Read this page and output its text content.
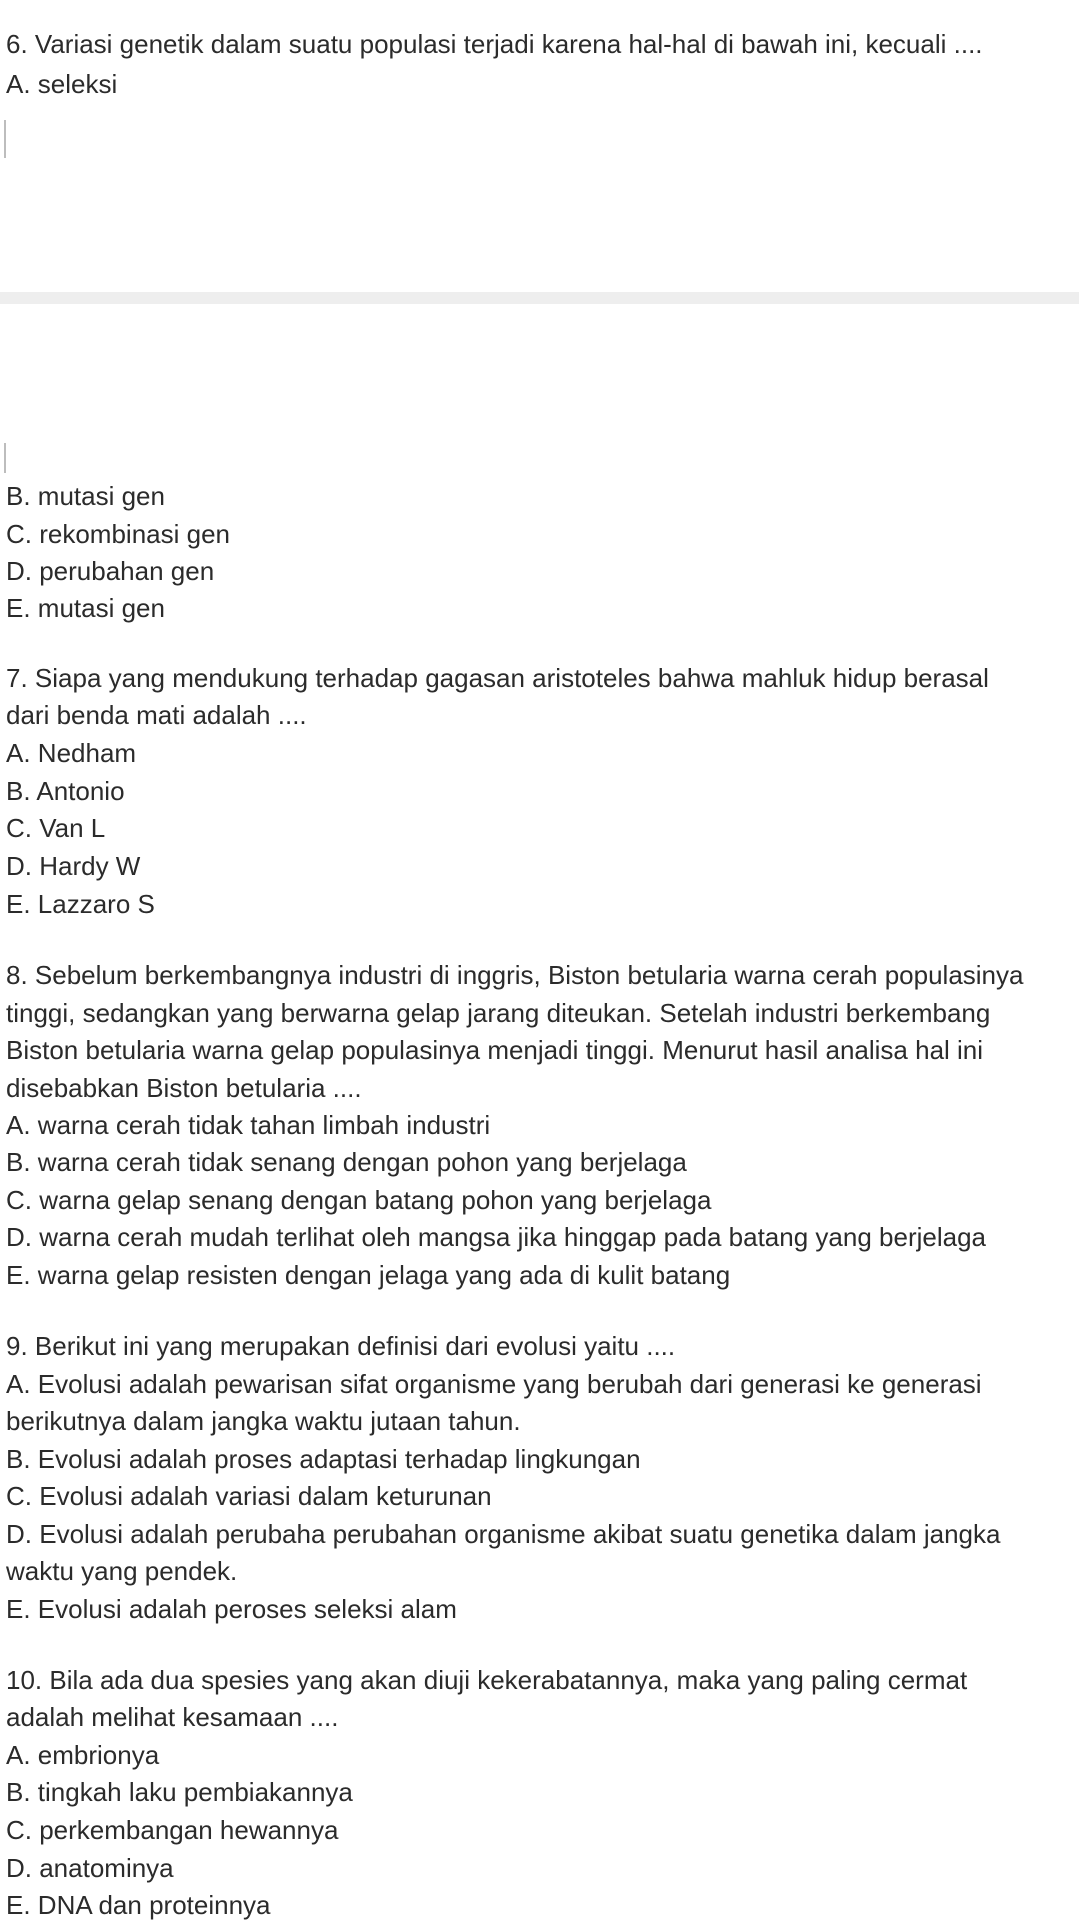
6. Variasi genetik dalam suatu populasi terjadi karena hal-hal di bawah ini, kecuali ....
A. seleksi
B. mutasi gen
C. rekombinasi gen
D. perubahan gen
E. mutasi gen
7. Siapa yang mendukung terhadap gagasan aristoteles bahwa mahluk hidup berasal
dari benda mati adalah ....
A. Nedham
B. Antonio
C. Van L
D. Hardy W
E. Lazzaro S
8. Sebelum berkembangnya industri di inggris, Biston betularia warna cerah populasinya
tinggi, sedangkan yang berwarna gelap jarang diteukan. Setelah industri berkembang
Biston betularia warna gelap populasinya menjadi tinggi. Menurut hasil analisa hal ini
disebabkan Biston betularia ....
A. warna cerah tidak tahan limbah industri
B. warna cerah tidak senang dengan pohon yang berjelaga
C. warna gelap senang dengan batang pohon yang berjelaga
D. warna cerah mudah terlihat oleh mangsa jika hinggap pada batang yang berjelaga
E. warna gelap resisten dengan jelaga yang ada di kulit batang
9. Berikut ini yang merupakan definisi dari evolusi yaitu ....
A. Evolusi adalah pewarisan sifat organisme yang berubah dari generasi ke generasi
berikutnya dalam jangka waktu jutaan tahun.
B. Evolusi adalah proses adaptasi terhadap lingkungan
C. Evolusi adalah variasi dalam keturunan
D. Evolusi adalah perubaha perubahan organisme akibat suatu genetika dalam jangka
waktu yang pendek.
E. Evolusi adalah peroses seleksi alam
10. Bila ada dua spesies yang akan diuji kekerabatannya, maka yang paling cermat
adalah melihat kesamaan ....
A. embrionya
B. tingkah laku pembiakannya
C. perkembangan hewannya
D. anatominya
E. DNA dan proteinnya
